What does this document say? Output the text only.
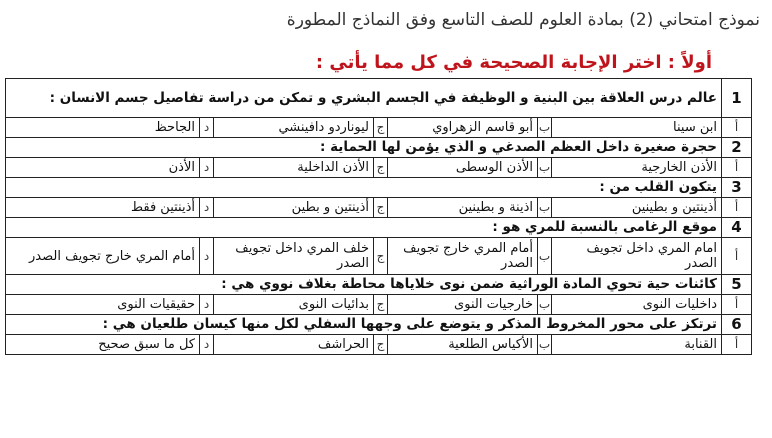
نموذج امتحاني (2) بمادة العلوم للصف التاسع وفق النماذج المطورة
أولاً : اختر الإجابة الصحيحة في كل مما يأتي :
1	عالم درس العلاقة بين البنية و الوظيفة في الجسم البشري و تمكن من دراسة تفاصيل جسم الانسان :						
أ	ابن سينا	ب	أبو قاسم الزهراوي	ج	ليوناردو دافينشي	د	الجاحظ
2	حجرة صغيرة داخل العظم الصدغي و الذي يؤمن لها الحماية :						
أ	الأذن الخارجية	ب	الأذن الوسطى	ج	الأذن الداخلية	د	الأذن
3	يتكون القلب من :						
أ	أذينتين و بطينين	ب	اذينة و بطينين	ج	أذينتين و بطين	د	أذينتين فقط
4	موقع الرغامى بالنسبة للمري هو :						
أ	امام المري داخل تجويف الصدر	ب	أمام المري خارج تجويف الصدر	ج	خلف المري داخل تجويف الصدر	د	أمام المري خارج تجويف الصدر
5	كائنات حية تحوي المادة الوراثية ضمن نوى خلاياها محاطة بغلاف نووي هي :						
أ	داخليات النوى	ب	خارجيات النوى	ج	بدائيات النوى	د	حقيقيات النوى
6	ترتكز على محور المخروط المذكر و يتوضع على وجهها السفلي لكل منها كيسان طلعيان هي :						
أ	القنابة	ب	الأكياس الطلعية	ج	الحراشف	د	كل ما سبق صحيح
